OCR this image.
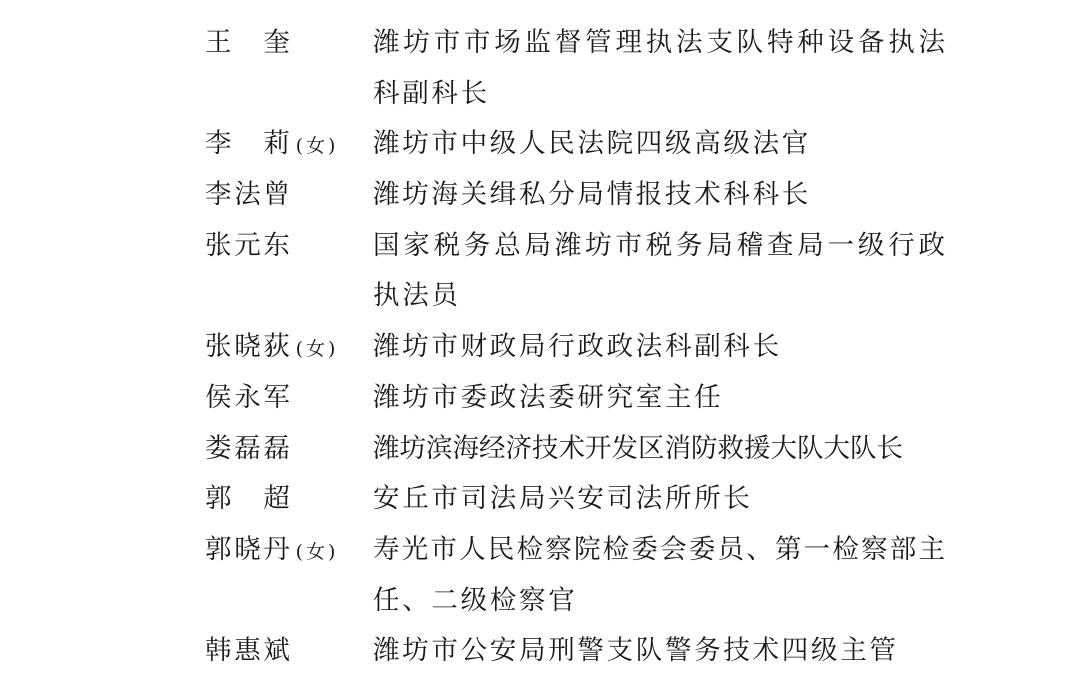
王　奎	潍坊市市场监督管理执法支队特种设备执法
科副科长
李　莉 (女) 潍坊市中级人民法院四级高级法官
李法曾	潍坊海关缉私分局情报技术科科长
张元东	国家税务总局潍坊市税务局稽查局一级行政
执法员
张晓荻 (女) 潍坊市财政局行政政法科副科长
侯永军	潍坊市委政法委研究室主任
娄磊磊	潍坊滨海经济技术开发区消防救援大队大队长
郭　超	安丘市司法局兴安司法所所长
郭晓丹 (女) 寿光市人民检察院检委会委员、第一检察部主
任、二级检察官
韩惠斌	潍坊市公安局刑警支队警务技术四级主管
